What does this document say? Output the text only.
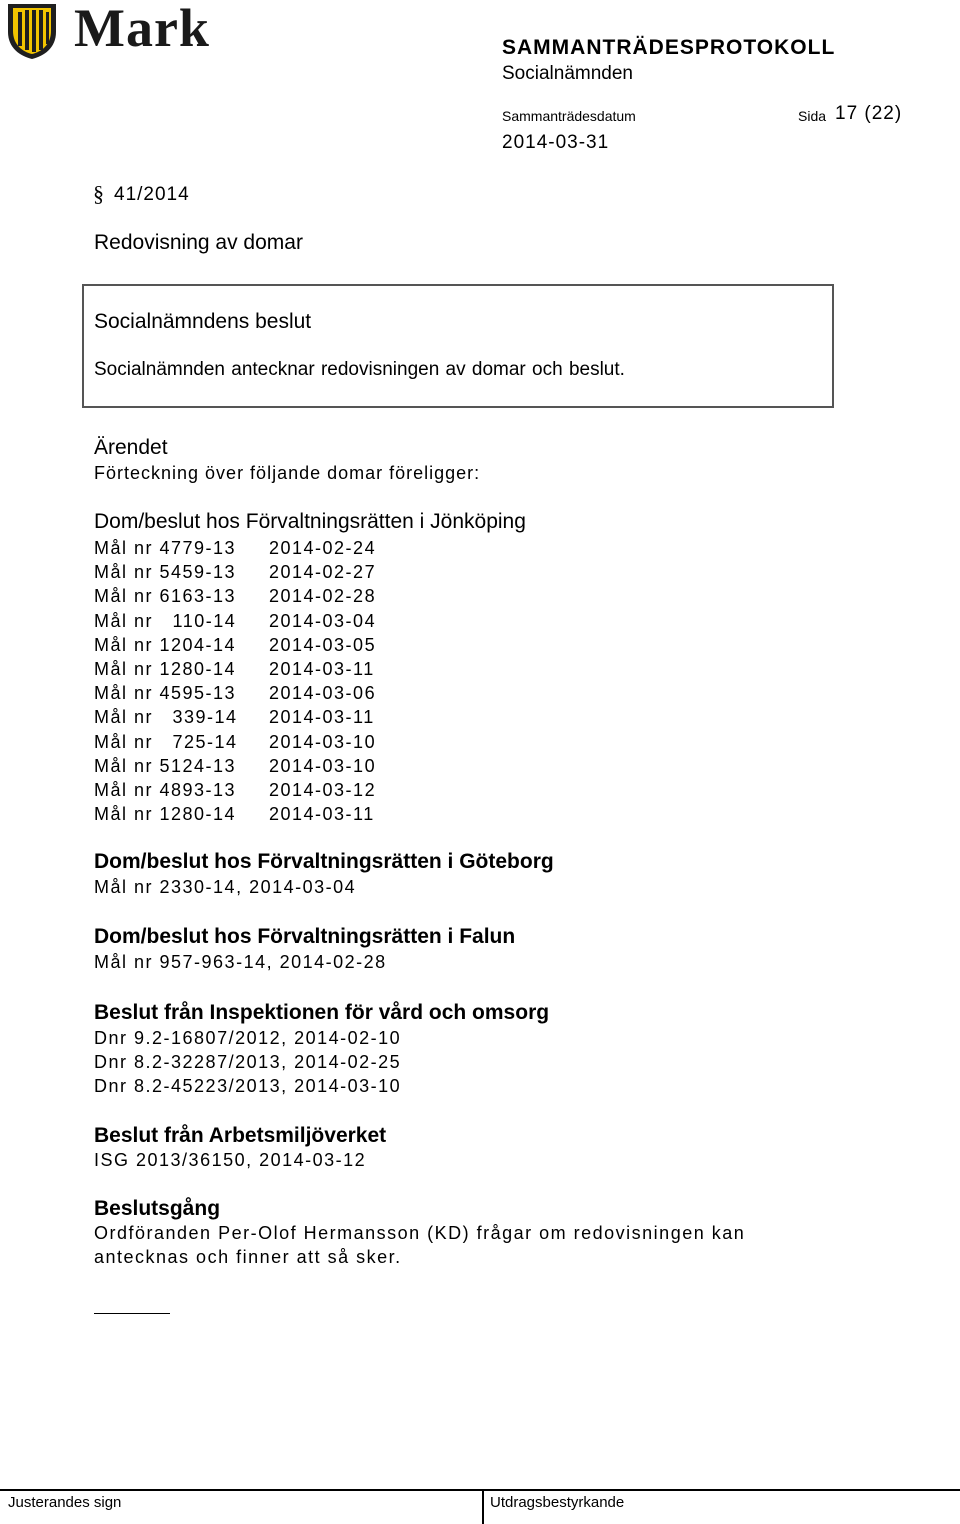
Mark	SAMMANTRÄDESPROTOKOLL
Socialnämnden
Sammanträdesdatum	Sida 17 (22)
2014-03-31
§ 41/2014
Redovisning av domar
Socialnämndens beslut
Socialnämnden antecknar redovisningen av domar och beslut.
Ärendet
Förteckning över följande domar föreligger:
Dom/beslut hos Förvaltningsrätten i Jönköping
Mål nr 4779-13 2014-02-24
Mål nr 5459-13 2014-02-27
Mål nr 6163-13 2014-02-28
Mål nr   110-14 2014-03-04
Mål nr 1204-14 2014-03-05
Mål nr 1280-14 2014-03-11
Mål nr 4595-13 2014-03-06
Mål nr   339-14 2014-03-11
Mål nr   725-14 2014-03-10
Mål nr 5124-13 2014-03-10
Mål nr 4893-13 2014-03-12
Mål nr 1280-14 2014-03-11
Dom/beslut hos Förvaltningsrätten i Göteborg
Mål nr 2330-14, 2014-03-04
Dom/beslut hos Förvaltningsrätten i Falun
Mål nr 957-963-14, 2014-02-28
Beslut från Inspektionen för vård och omsorg
Dnr 9.2-16807/2012, 2014-02-10
Dnr 8.2-32287/2013, 2014-02-25
Dnr 8.2-45223/2013, 2014-03-10
Beslut från Arbetsmiljöverket
ISG 2013/36150, 2014-03-12
Beslutsgång
Ordföranden Per-Olof Hermansson (KD) frågar om redovisningen kan
antecknas och finner att så sker.
Justerandes sign	Utdragsbestyrkande
